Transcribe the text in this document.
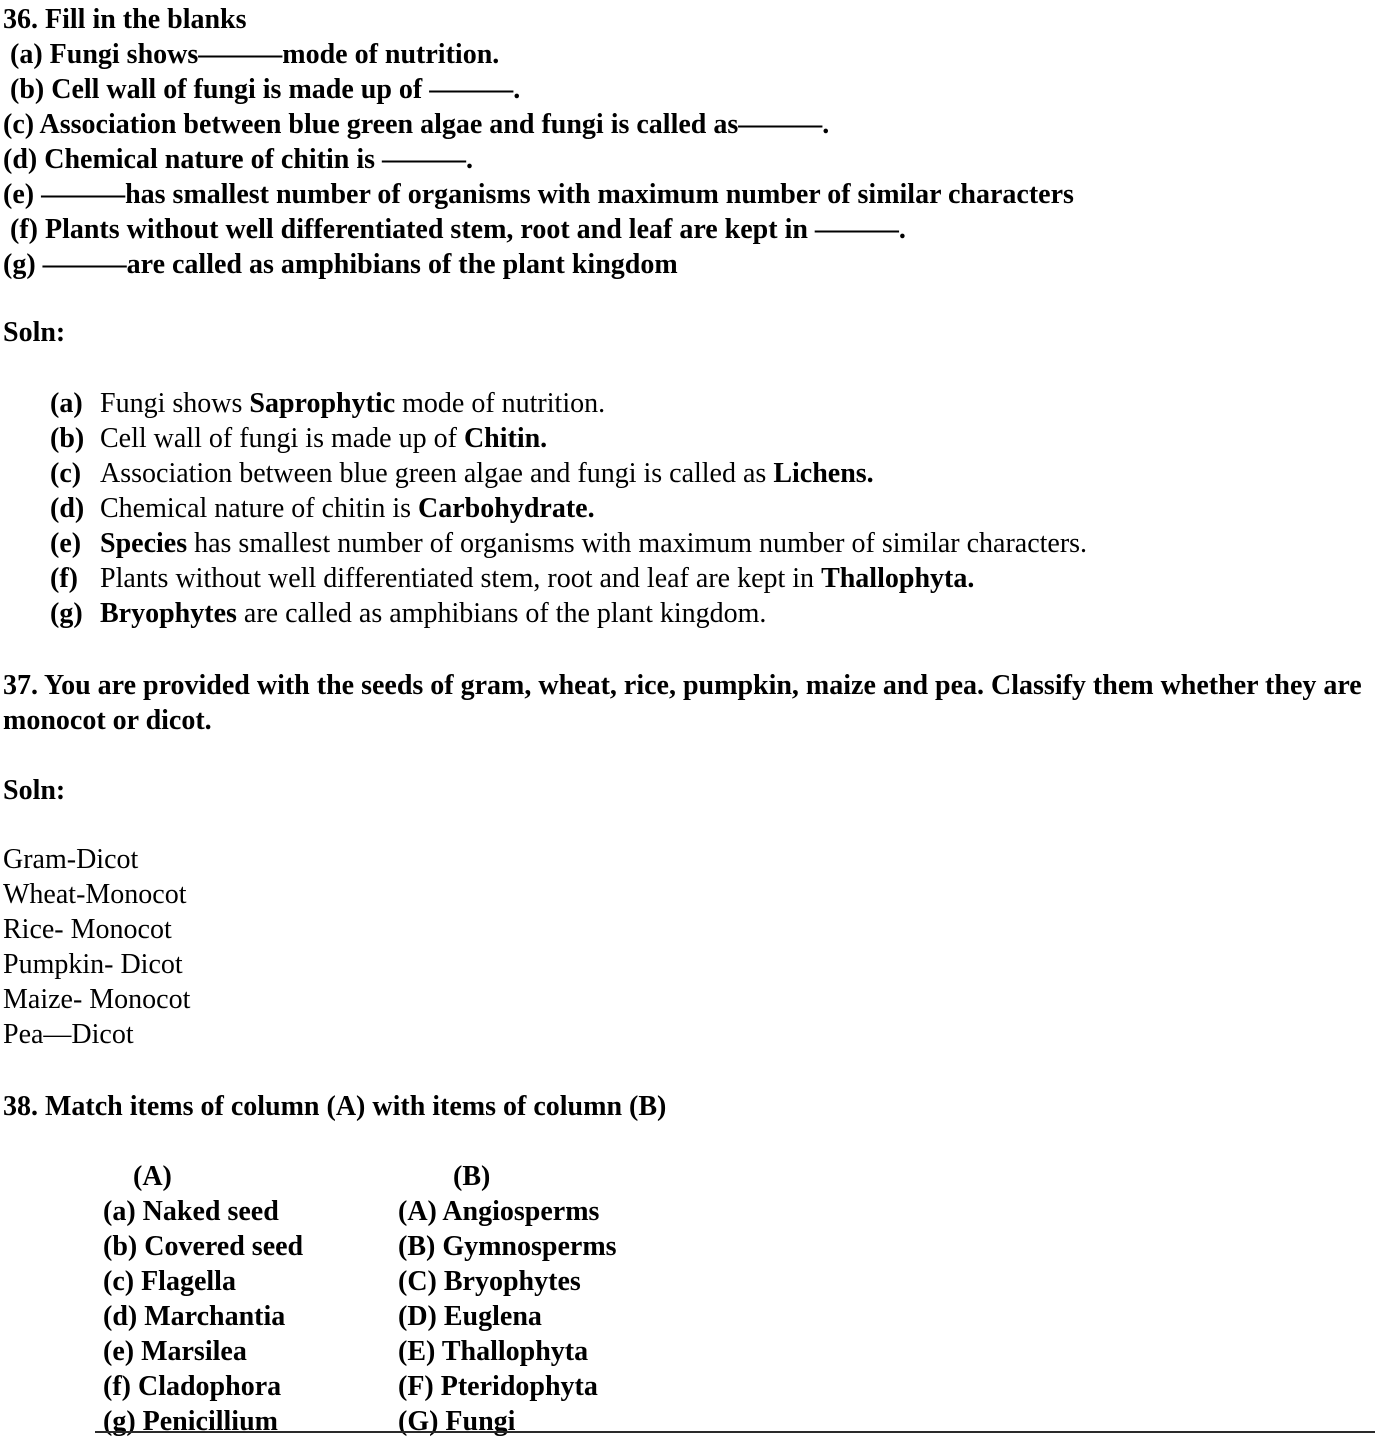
36. Fill in the blanks
(a) Fungi shows———mode of nutrition.
(b) Cell wall of fungi is made up of ———.
(c) Association between blue green algae and fungi is called as———.
(d) Chemical nature of chitin is ———.
(e) ———has smallest number of organisms with maximum number of similar characters
(f) Plants without well differentiated stem, root and leaf are kept in ———.
(g) ———are called as amphibians of the plant kingdom
Soln:
(a) Fungi shows Saprophytic mode of nutrition.
(b) Cell wall of fungi is made up of Chitin.
(c) Association between blue green algae and fungi is called as Lichens.
(d) Chemical nature of chitin is Carbohydrate.
(e) Species has smallest number of organisms with maximum number of similar characters.
(f) Plants without well differentiated stem, root and leaf are kept in Thallophyta.
(g) Bryophytes are called as amphibians of the plant kingdom.
37. You are provided with the seeds of gram, wheat, rice, pumpkin, maize and pea. Classify them whether they are monocot or dicot.
Soln:
Gram-Dicot
Wheat-Monocot
Rice- Monocot
Pumpkin- Dicot
Maize- Monocot
Pea—Dicot
38. Match items of column (A) with items of column (B)
(A)	(B)
(a) Naked seed	(A) Angiosperms
(b) Covered seed	(B) Gymnosperms
(c) Flagella	(C) Bryophytes
(d) Marchantia	(D) Euglena
(e) Marsilea	(E) Thallophyta
(f) Cladophora	(F) Pteridophyta
(g) Penicillium	(G) Fungi
